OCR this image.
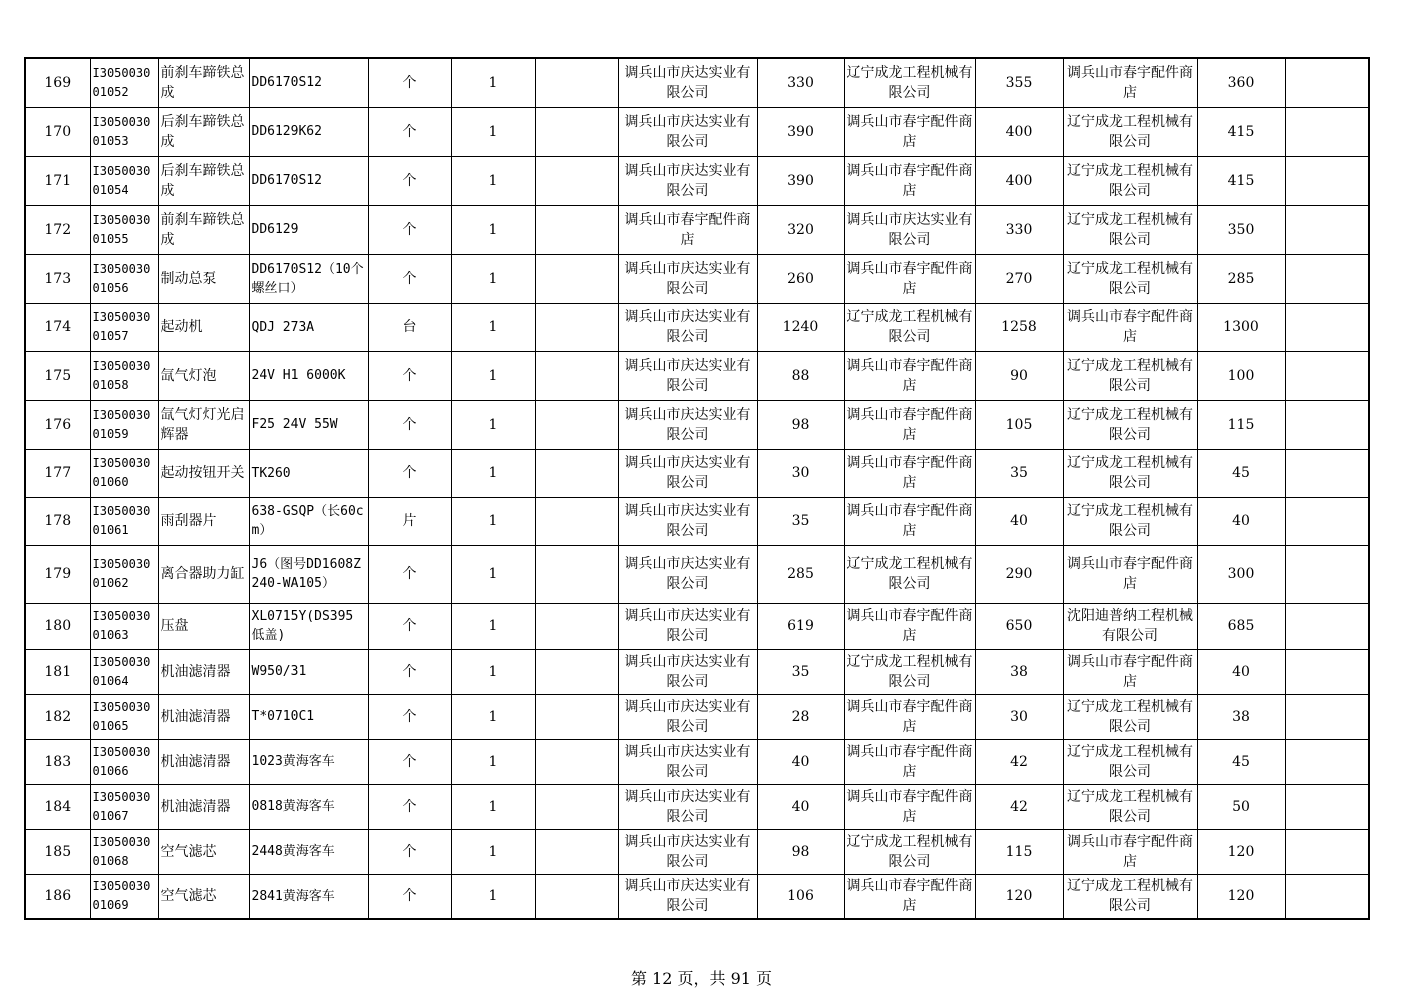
169	I305003001052	前刹车蹄铁总成	DD6170S12	个	1		调兵山市庆达实业有限公司	330	辽宁成龙工程机械有限公司	355	调兵山市春宇配件商店	360	
170	I305003001053	后刹车蹄铁总成	DD6129K62	个	1		调兵山市庆达实业有限公司	390	调兵山市春宇配件商店	400	辽宁成龙工程机械有限公司	415	
171	I305003001054	后刹车蹄铁总成	DD6170S12	个	1		调兵山市庆达实业有限公司	390	调兵山市春宇配件商店	400	辽宁成龙工程机械有限公司	415	
172	I305003001055	前刹车蹄铁总成	DD6129	个	1		调兵山市春宇配件商店	320	调兵山市庆达实业有限公司	330	辽宁成龙工程机械有限公司	350	
173	I305003001056	制动总泵	DD6170S12（10个螺丝口）	个	1		调兵山市庆达实业有限公司	260	调兵山市春宇配件商店	270	辽宁成龙工程机械有限公司	285	
174	I305003001057	起动机	QDJ 273A	台	1		调兵山市庆达实业有限公司	1240	辽宁成龙工程机械有限公司	1258	调兵山市春宇配件商店	1300	
175	I305003001058	氙气灯泡	24V H1 6000K	个	1		调兵山市庆达实业有限公司	88	调兵山市春宇配件商店	90	辽宁成龙工程机械有限公司	100	
176	I305003001059	氙气灯灯光启辉器	F25 24V 55W	个	1		调兵山市庆达实业有限公司	98	调兵山市春宇配件商店	105	辽宁成龙工程机械有限公司	115	
177	I305003001060	起动按钮开关	TK260	个	1		调兵山市庆达实业有限公司	30	调兵山市春宇配件商店	35	辽宁成龙工程机械有限公司	45	
178	I305003001061	雨刮器片	638-GSQP（长60cm）	片	1		调兵山市庆达实业有限公司	35	调兵山市春宇配件商店	40	辽宁成龙工程机械有限公司	40	
179	I305003001062	离合器助力缸	J6（图号DD1608Z240-WA105）	个	1		调兵山市庆达实业有限公司	285	辽宁成龙工程机械有限公司	290	调兵山市春宇配件商店	300	
180	I305003001063	压盘	XL0715Y(DS395低盖)	个	1		调兵山市庆达实业有限公司	619	调兵山市春宇配件商店	650	沈阳迪普纳工程机械有限公司	685	
181	I305003001064	机油滤清器	W950/31	个	1		调兵山市庆达实业有限公司	35	辽宁成龙工程机械有限公司	38	调兵山市春宇配件商店	40	
182	I305003001065	机油滤清器	T*0710C1	个	1		调兵山市庆达实业有限公司	28	调兵山市春宇配件商店	30	辽宁成龙工程机械有限公司	38	
183	I305003001066	机油滤清器	1023黄海客车	个	1		调兵山市庆达实业有限公司	40	调兵山市春宇配件商店	42	辽宁成龙工程机械有限公司	45	
184	I305003001067	机油滤清器	0818黄海客车	个	1		调兵山市庆达实业有限公司	40	调兵山市春宇配件商店	42	辽宁成龙工程机械有限公司	50	
185	I305003001068	空气滤芯	2448黄海客车	个	1		调兵山市庆达实业有限公司	98	辽宁成龙工程机械有限公司	115	调兵山市春宇配件商店	120	
186	I305003001069	空气滤芯	2841黄海客车	个	1		调兵山市庆达实业有限公司	106	调兵山市春宇配件商店	120	辽宁成龙工程机械有限公司	120	
第 12 页，共 91 页
